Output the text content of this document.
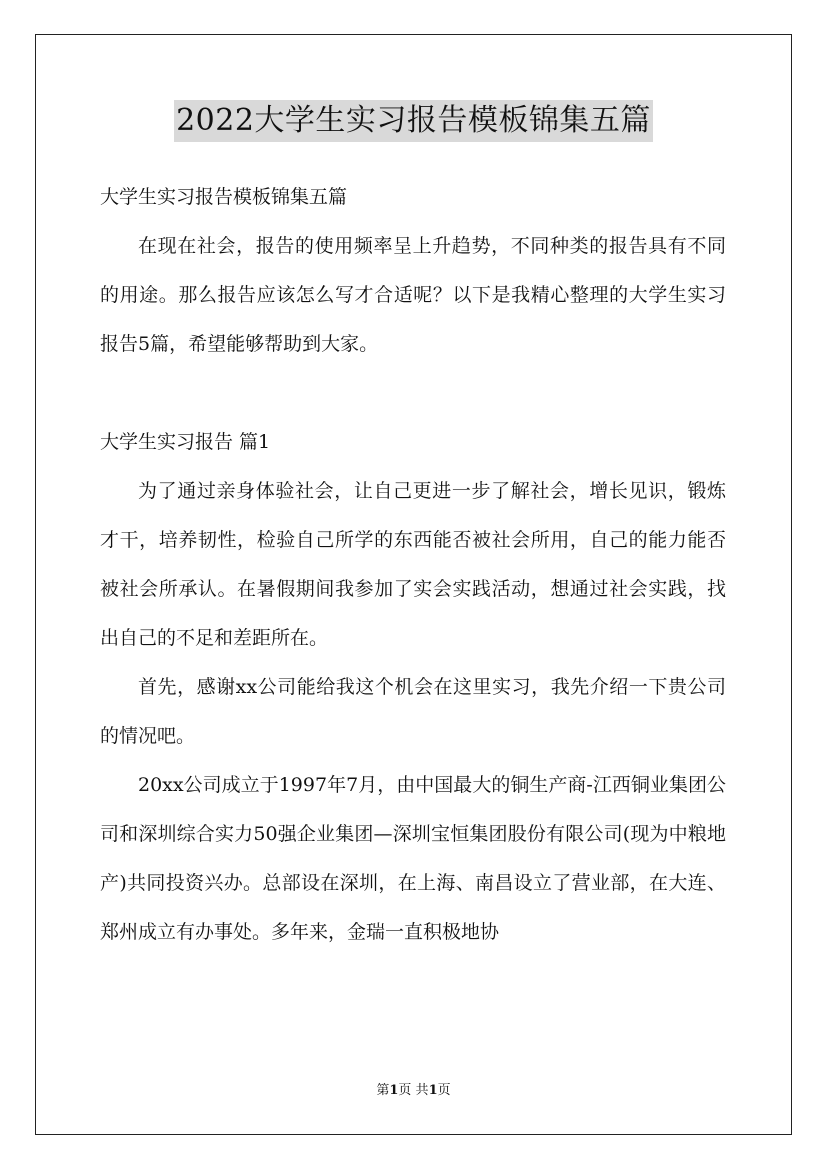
2022大学生实习报告模板锦集五篇

大学生实习报告模板锦集五篇

在现在社会，报告的使用频率呈上升趋势，不同种类的报告具有不同的用途。那么报告应该怎么写才合适呢？以下是我精心整理的大学生实习报告5篇，希望能够帮助到大家。

大学生实习报告 篇1

为了通过亲身体验社会，让自己更进一步了解社会，增长见识，锻炼才干，培养韧性，检验自己所学的东西能否被社会所用，自己的能力能否被社会所承认。在暑假期间我参加了实会实践活动，想通过社会实践，找出自己的不足和差距所在。

首先，感谢xx公司能给我这个机会在这里实习，我先介绍一下贵公司的情况吧。

20xx公司成立于1997年7月，由中国最大的铜生产商-江西铜业集团公司和深圳综合实力50强企业集团—深圳宝恒集团股份有限公司(现为中粮地产)共同投资兴办。总部设在深圳，在上海、南昌设立了营业部，在大连、郑州成立有办事处。多年来，金瑞一直积极地协

第1页 共1页
